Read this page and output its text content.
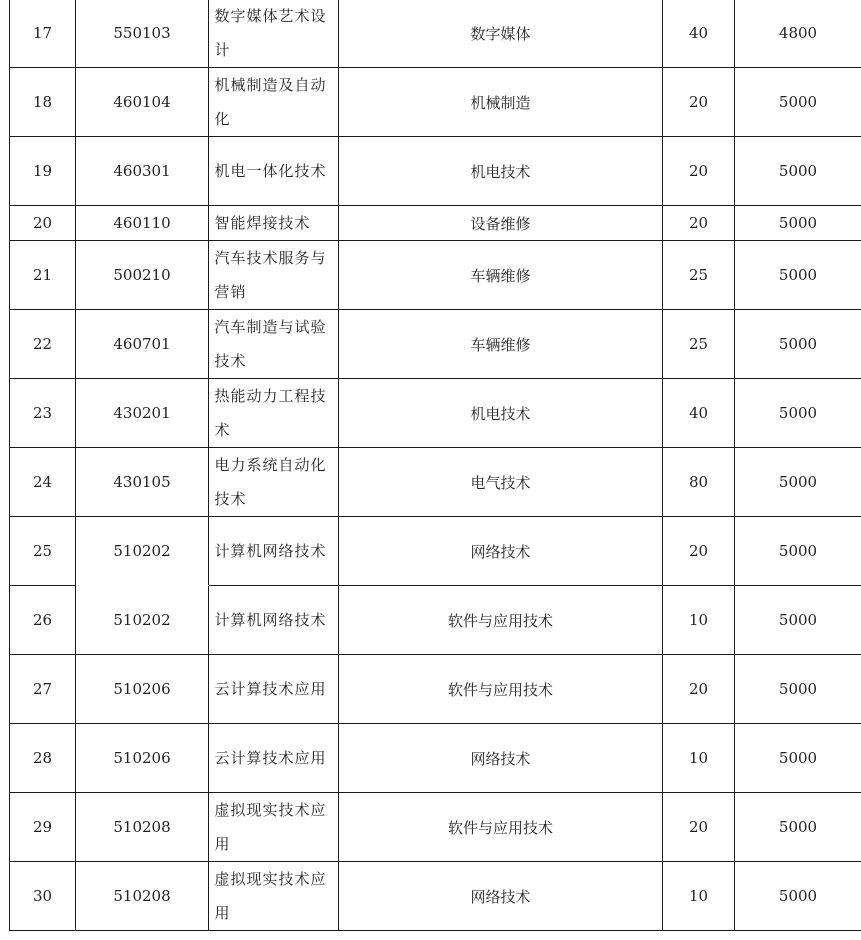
17	550103	数字媒体艺术设计	数字媒体	40	4800
18	460104	机械制造及自动化	机械制造	20	5000
19	460301	机电一体化技术	机电技术	20	5000
20	460110	智能焊接技术	设备维修	20	5000
21	500210	汽车技术服务与营销	车辆维修	25	5000
22	460701	汽车制造与试验技术	车辆维修	25	5000
23	430201	热能动力工程技术	机电技术	40	5000
24	430105	电力系统自动化技术	电气技术	80	5000
25	510202	计算机网络技术	网络技术	20	5000
26	510202	计算机网络技术	软件与应用技术	10	5000
27	510206	云计算技术应用	软件与应用技术	20	5000
28	510206	云计算技术应用	网络技术	10	5000
29	510208	虚拟现实技术应用	软件与应用技术	20	5000
30	510208	虚拟现实技术应用	网络技术	10	5000
